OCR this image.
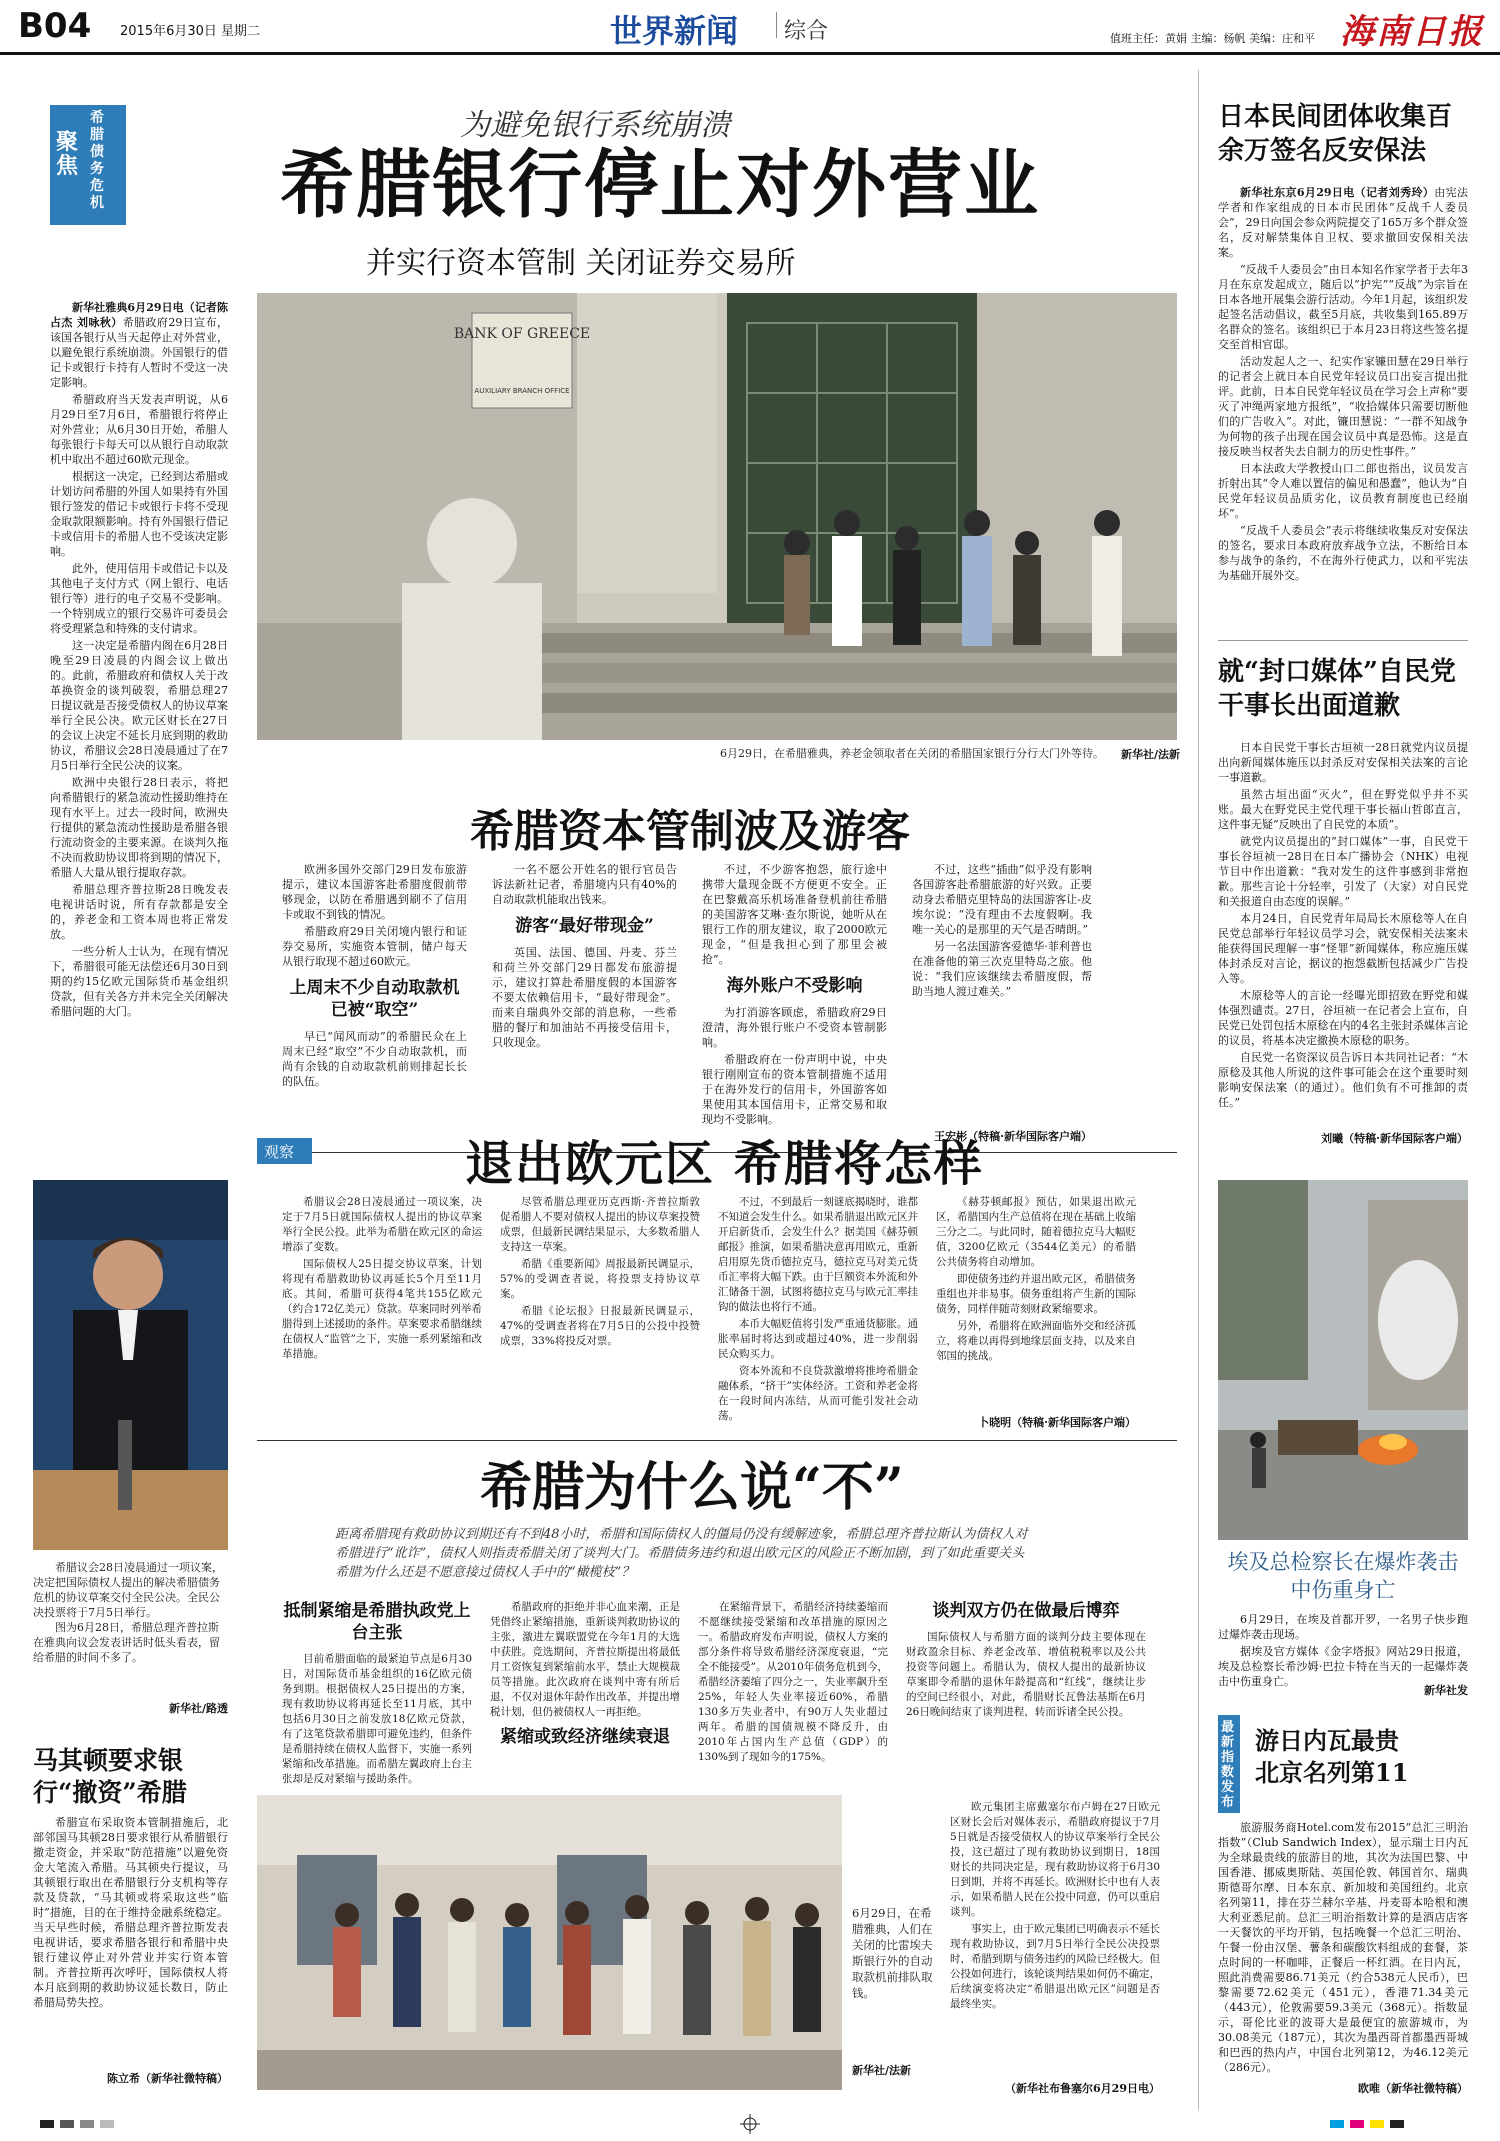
B04 2015年6月30日 星期二	世界新闻 综合	值班主任：黄娟 主编：杨帆 美编：庄和平 海南日报
聚焦
希腊债务危机
为避免银行系统崩溃
希腊银行停止对外营业
并实行资本管制 关闭证券交易所

新华社雅典6月29日电（记者陈占杰 刘咏秋）希腊政府29日宣布，该国各银行从当天起停止对外营业，以避免银行系统崩溃。外国银行的借记卡或银行卡持有人暂时不受这一决定影响。

希腊政府当天发表声明说，从6月29日至7月6日，希腊银行将停止对外营业；从6月30日开始，希腊人每张银行卡每天可以从银行自动取款机中取出不超过60欧元现金。

根据这一决定，已经到达希腊或计划访问希腊的外国人如果持有外国银行签发的借记卡或银行卡将不受现金取款限额影响。持有外国银行借记卡或信用卡的希腊人也不受该决定影响。

此外，使用信用卡或借记卡以及其他电子支付方式（网上银行、电话银行等）进行的电子交易不受影响。一个特别成立的银行交易许可委员会将受理紧急和特殊的支付请求。

这一决定是希腊内阁在6月28日晚至29日凌晨的内阁会议上做出的。此前，希腊政府和债权人关于改革换资金的谈判破裂，希腊总理27日提议就是否接受债权人的协议草案举行全民公决。欧元区财长在27日的会议上决定不延长月底到期的救助协议，希腊议会28日凌晨通过了在7月5日举行全民公决的议案。

欧洲中央银行28日表示，将把向希腊银行的紧急流动性援助维持在现有水平上。过去一段时间，欧洲央行提供的紧急流动性援助是希腊各银行流动资金的主要来源。在谈判久拖不决而救助协议即将到期的情况下，希腊人大量从银行提取存款。

希腊总理齐普拉斯28日晚发表电视讲话时说，所有存款都是安全的，养老金和工资本周也将正常发放。

一些分析人士认为，在现有情况下，希腊很可能无法偿还6月30日到期的约15亿欧元国际货币基金组织贷款，但有关各方并未完全关闭解决希腊问题的大门。

BANK OF GREECE
AUXILIARY BRANCH OFFICE
6月29日，在希腊雅典，养老金领取者在关闭的希腊国家银行分行大门外等待。	新华社/法新
希腊资本管制波及游客

欧洲多国外交部门29日发布旅游提示，建议本国游客赴希腊度假前带够现金，以防在希腊遇到刷不了信用卡或取不到钱的情况。

希腊政府29日关闭境内银行和证券交易所，实施资本管制，储户每天从银行取现不超过60欧元。

上周末不少自动取款机已被“取空”

早已“闻风而动”的希腊民众在上周末已经“取空”不少自动取款机，而尚有余钱的自动取款机前则排起长长的队伍。

一名不愿公开姓名的银行官员告诉法新社记者，希腊境内只有40%的自动取款机能取出钱来。

游客“最好带现金”

英国、法国、德国、丹麦、芬兰和荷兰外交部门29日都发布旅游提示，建议打算赴希腊度假的本国游客不要太依赖信用卡，“最好带现金”。而来自瑞典外交部的消息称，一些希腊的餐厅和加油站不再接受信用卡，只收现金。

不过，不少游客抱怨，旅行途中携带大量现金既不方便更不安全。正在巴黎戴高乐机场准备登机前往希腊的美国游客艾琳·查尔斯说，她听从在银行工作的朋友建议，取了2000欧元现金，“但是我担心到了那里会被抢”。

海外账户不受影响

为打消游客顾虑，希腊政府29日澄清，海外银行账户不受资本管制影响。

希腊政府在一份声明中说，中央银行刚刚宣布的资本管制措施不适用于在海外发行的信用卡，外国游客如果使用其本国信用卡，正常交易和取现均不受影响。

不过，这些“插曲”似乎没有影响各国游客赴希腊旅游的好兴致。正要动身去希腊克里特岛的法国游客让-皮埃尔说：“没有理由不去度假啊。我唯一关心的是那里的天气是否晴朗。”

另一名法国游客爱德华·菲利普也在准备他的第三次克里特岛之旅。他说：“我们应该继续去希腊度假，帮助当地人渡过难关。”

王宏彬（特稿·新华国际客户端）
观察	退出欧元区 希腊将怎样

希腊议会28日凌晨通过一项议案，决定于7月5日就国际债权人提出的协议草案举行全民公投。此举为希腊在欧元区的命运增添了变数。

国际债权人25日提交协议草案，计划将现有希腊救助协议再延长5个月至11月底。其间，希腊可获得4笔共155亿欧元（约合172亿美元）贷款。草案同时列举希腊得到上述援助的条件。草案要求希腊继续在债权人“监管”之下，实施一系列紧缩和改革措施。

尽管希腊总理亚历克西斯·齐普拉斯敦促希腊人不要对债权人提出的协议草案投赞成票，但最新民调结果显示，大多数希腊人支持这一草案。

希腊《重要新闻》周报最新民调显示，57%的受调查者说，将投票支持协议草案。

希腊《论坛报》日报最新民调显示，47%的受调查者将在7月5日的公投中投赞成票，33%将投反对票。

不过，不到最后一刻谜底揭晓时，谁都不知道会发生什么。如果希腊退出欧元区并开启新货币，会发生什么？据美国《赫芬顿邮报》推演，如果希腊决意再用欧元，重新启用原先货币德拉克马，德拉克马对美元货币汇率将大幅下跌。由于巨额资本外流和外汇储备干涸，试图将德拉克马与欧元汇率挂钩的做法也将行不通。

本币大幅贬值将引发严重通货膨胀。通胀率届时将达到或超过40%，进一步削弱民众购买力。

资本外流和不良贷款激增将推垮希腊金融体系，“挤干”实体经济。工资和养老金将在一段时间内冻结，从而可能引发社会动荡。

《赫芬顿邮报》预估，如果退出欧元区，希腊国内生产总值将在现在基础上收缩三分之二。与此同时，随着德拉克马大幅贬值，3200亿欧元（3544亿美元）的希腊公共债务将自动增加。

即使债务违约并退出欧元区，希腊债务重组也并非易事。债务重组将产生新的国际债务，同样伴随苛刻财政紧缩要求。

另外，希腊将在欧洲面临外交和经济孤立，将难以再得到地缘层面支持，以及来自邻国的挑战。

卜晓明（特稿·新华国际客户端）
希腊为什么说“不”
距离希腊现有救助协议到期还有不到48小时，希腊和国际债权人的僵局仍没有缓解迹象，希腊总理齐普拉斯认为债权人对希腊进行“讹诈”，债权人则指责希腊关闭了谈判大门。希腊债务违约和退出欧元区的风险正不断加剧，到了如此重要关头希腊为什么还是不愿意接过债权人手中的“橄榄枝”？
抵制紧缩是希腊执政党上台主张

目前希腊面临的最紧迫节点是6月30日，对国际货币基金组织的16亿欧元债务到期。根据债权人25日提出的方案，现有救助协议将再延长至11月底，其中包括6月30日之前发放18亿欧元贷款，有了这笔贷款希腊即可避免违约，但条件是希腊持续在债权人监督下，实施一系列紧缩和改革措施。而希腊左翼政府上台主张却是反对紧缩与援助条件。

希腊政府的拒绝并非心血来潮，正是凭借终止紧缩措施，重新谈判救助协议的主张，激进左翼联盟党在今年1月的大选中获胜。竞选期间，齐普拉斯提出将最低月工资恢复到紧缩前水平，禁止大规模裁员等措施。此次政府在谈判中寄有所后退，不仅对退休年龄作出改革，并提出增税计划，但仍被债权人一再拒绝。

紧缩或致经济继续衰退

在紧缩背景下，希腊经济持续萎缩而不愿继续接受紧缩和改革措施的原因之一。希腊政府发布声明说，债权人方案的部分条件将导致希腊经济深度衰退，“完全不能接受”。从2010年债务危机到今，希腊经济萎缩了四分之一，失业率飙升至25%，年轻人失业率接近60%，希腊130多万失业者中，有90万人失业超过两年。希腊的国债规模不降反升，由2010年占国内生产总值（GDP）的130%到了现如今的175%。

谈判双方仍在做最后博弈

国际债权人与希腊方面的谈判分歧主要体现在财政盈余目标、养老金改革、增值税税率以及公共投资等问题上。希腊认为，债权人提出的最新协议草案即令希腊的退休年龄提高和“红线”，继续让步的空间已经很小，对此，希腊财长瓦鲁法基斯在6月26日晚间结束了谈判进程，转而诉诸全民公投。

6月29日，在希腊雅典，人们在关闭的比雷埃夫斯银行外的自动取款机前排队取钱。
新华社/法新

欧元集团主席戴塞尔布卢姆在27日欧元区财长会后对媒体表示，希腊政府提议于7月5日就是否接受债权人的协议草案举行全民公投，这已超过了现有救助协议到期日，18国财长的共同决定是，现有救助协议将于6月30日到期，并将不再延长。欧洲财长中也有人表示，如果希腊人民在公投中同意，仍可以重启谈判。

事实上，由于欧元集团已明确表示不延长现有救助协议，到7月5日举行全民公决投票时，希腊到期与债务违约的风险已经极大。但公投如何进行，该轮谈判结果如何仍不确定，后续演变将决定“希腊退出欧元区”问题是否最终坐实。

（新华社布鲁塞尔6月29日电）

希腊议会28日凌晨通过一项议案，决定把国际债权人提出的解决希腊债务危机的协议草案交付全民公决。全民公决投票将于7月5日举行。

图为6月28日，希腊总理齐普拉斯在雅典向议会发表讲话时低头看表，留给希腊的时间不多了。

新华社/路透
马其顿要求银行“撤资”希腊

希腊宣布采取资本管制措施后，北部邻国马其顿28日要求银行从希腊银行撤走资金，并采取“防范措施”以避免资金大笔流入希腊。马其顿央行提议，马其顿银行取出在希腊银行分支机构等存款及贷款，“马其顿或将采取这些“临时”措施，目的在于维持金融系统稳定。当天早些时候，希腊总理齐普拉斯发表电视讲话，要求希腊各银行和希腊中央银行建议停止对外营业并实行资本管制。齐普拉斯再次呼吁，国际债权人将本月底到期的救助协议延长数日，防止希腊局势失控。

陈立希（新华社微特稿）
日本民间团体收集百余万签名反安保法

新华社东京6月29日电（记者刘秀玲）由宪法学者和作家组成的日本市民团体“反战千人委员会”，29日向国会参众两院提交了165万多个群众签名，反对解禁集体自卫权、要求撤回安保相关法案。

“反战千人委员会”由日本知名作家学者于去年3月在东京发起成立，随后以“护宪”“反战”为宗旨在日本各地开展集会游行活动。今年1月起，该组织发起签名活动倡议，截至5月底，共收集到165.89万名群众的签名。该组织已于本月23日将这些签名提交至首相官邸。

活动发起人之一、纪实作家镰田慧在29日举行的记者会上就日本自民党年轻议员口出妄言提出批评。此前，日本自民党年轻议员在学习会上声称“要灭了冲绳两家地方报纸”，“收拾媒体只需要切断他们的广告收入”。对此，镰田慧说：“一群不知战争为何物的孩子出现在国会议员中真是恐怖。这是直接反映当权者失去自制力的历史性事件。”

日本法政大学教授山口二郎也指出，议员发言折射出其“令人难以置信的偏见和愚蠢”，他认为“自民党年轻议员品质劣化，议员教育制度也已经崩坏”。

“反战千人委员会”表示将继续收集反对安保法的签名，要求日本政府放弃战争立法，不断给日本参与战争的条约，不在海外行使武力，以和平宪法为基础开展外交。

就“封口媒体”自民党干事长出面道歉

日本自民党干事长古垣祯一28日就党内议员提出向新闻媒体施压以封杀反对安保相关法案的言论一事道歉。

虽然古垣出面“灭火”，但在野党似乎并不买账。最大在野党民主党代理干事长福山哲郎直言，这件事无疑“反映出了自民党的本质”。

就党内议员提出的“封口媒体”一事，自民党干事长谷垣祯一28日在日本广播协会（NHK）电视节目中作出道歉：“我对发生的这件事感到非常抱歉。那些言论十分轻率，引发了（大家）对自民党和关报道自由态度的误解。”

本月24日，自民党青年局局长木原稔等人在自民党总部举行年轻议员学习会，就安保相关法案未能获得国民理解一事“怪罪”新闻媒体，称应施压媒体封杀反对言论，据议的抱怨截断包括减少广告投入等。

木原稔等人的言论一经曝光即招致在野党和媒体强烈谴责。27日，谷垣祯一在记者会上宣布，自民党已处罚包括木原稔在内的4名主张封杀媒体言论的议员，将基本决定撤换木原稔的职务。

自民党一名资深议员告诉日本共同社记者：“木原稔及其他人所说的这件事可能会在这个重要时刻影响安保法案（的通过）。他们负有不可推卸的责任。”

刘曦（特稿·新华国际客户端）
埃及总检察长在爆炸袭击中伤重身亡

6月29日，在埃及首都开罗，一名男子快步跑过爆炸袭击现场。

据埃及官方媒体《金字塔报》网站29日报道，埃及总检察长希沙姆·巴拉卡特在当天的一起爆炸袭击中伤重身亡。

新华社发
最新指数发布
游日内瓦最贵北京名列第11

旅游服务商Hotel.com发布2015“总汇三明治指数”（Club Sandwich Index），显示瑞士日内瓦为全球最贵线的旅游目的地，其次为法国巴黎、中国香港、挪威奥斯陆、英国伦敦、韩国首尔、瑞典斯德哥尔摩、日本东京、新加坡和美国纽约。北京名列第11，排在芬兰赫尔辛基、丹麦哥本哈根和澳大利亚悉尼前。总汇三明治指数计算的是酒店店客一天餐饮的平均开销，包括晚餐一个总汇三明治、午餐一份由汉堡、薯条和碳酸饮料组成的套餐，茶点时间的一杯咖啡，正餐后一杯红酒。在日内瓦，照此消费需要86.71美元（约合538元人民币），巴黎需要72.62美元（451元），香港71.34美元（443元），伦敦需要59.3美元（368元）。指数显示，哥伦比亚的波哥大是最便宜的旅游城市，为30.08美元（187元），其次为墨西哥首都墨西哥城和巴西的热内卢，中国台北列第12，为46.12美元（286元）。

欧唯（新华社微特稿）
